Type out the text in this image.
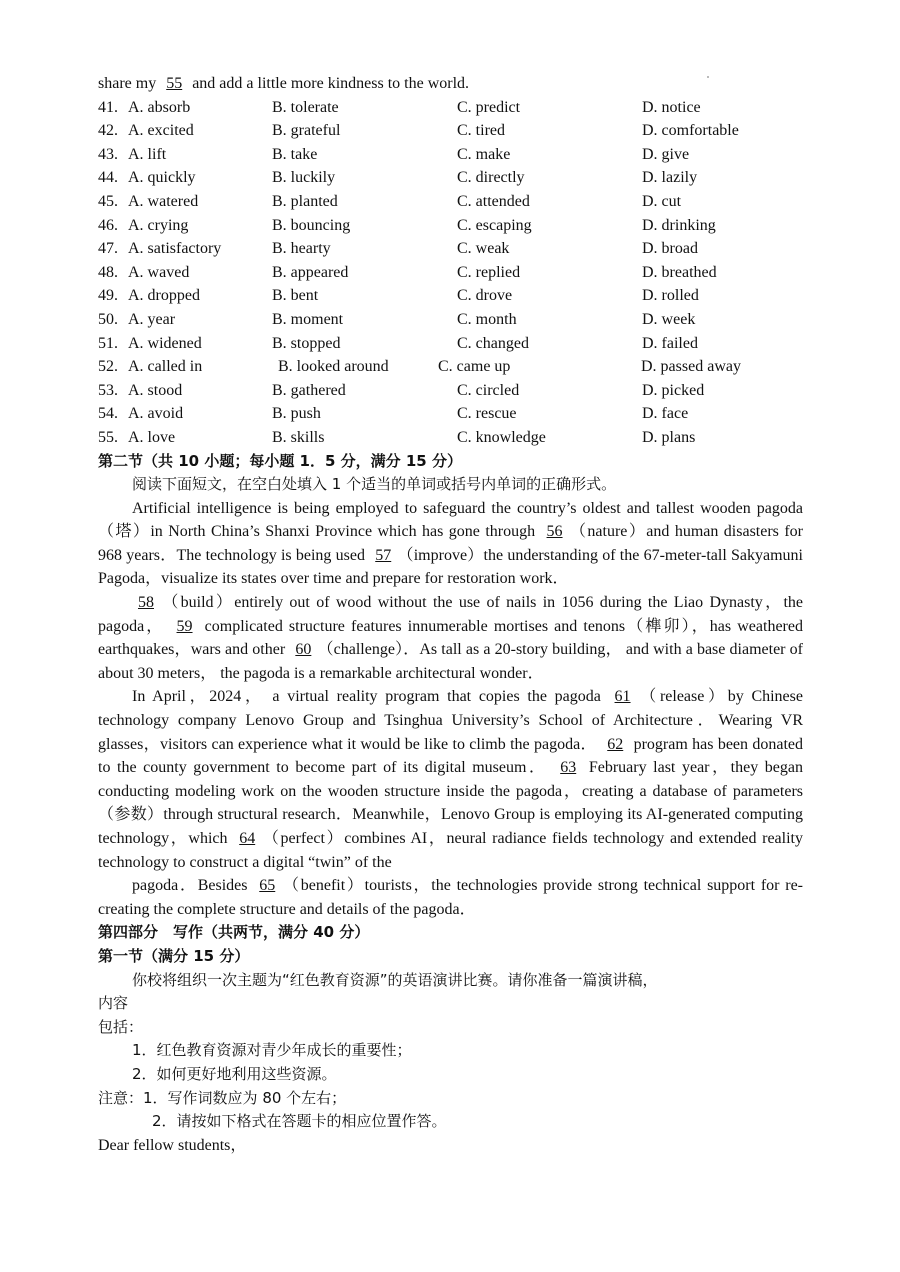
share my 55 and add a little more kindness to the world.
41. A. absorb	B. tolerate	C. predict	D. notice
42. A. excited	B. grateful	C. tired	D. comfortable
43. A. lift	B. take	C. make	D. give
44. A. quickly	B. luckily	C. directly	D. lazily
45. A. watered	B. planted	C. attended	D. cut
46. A. crying	B. bouncing	C. escaping	D. drinking
47. A. satisfactory	B. hearty	C. weak	D. broad
48. A. waved	B. appeared	C. replied	D. breathed
49. A. dropped	B. bent	C. drove	D. rolled
50. A. year	B. moment	C. month	D. week
51. A. widened	B. stopped	C. changed	D. failed
52. A. called in	B. looked around	C. came up	D. passed away
53. A. stood	B. gathered	C. circled	D. picked
54. A. avoid	B. push	C. rescue	D. face
55. A. love	B. skills	C. knowledge	D. plans
第二节（共 10 小题；每小题 1．5 分，满分 15 分）
阅读下面短文，在空白处填入 1 个适当的单词或括号内单词的正确形式。
Artificial intelligence is being employed to safeguard the country’s oldest and tallest wooden pagoda（塔）in North China’s Shanxi Province which has gone through 56 （nature）and human disasters for 968 years．The technology is being used 57 （improve）the understanding of the 67-meter-tall Sakyamuni Pagoda，visualize its states over time and prepare for restoration work．
58 （build）entirely out of wood without the use of nails in 1056 during the Liao Dynasty，the pagoda， 59 complicated structure features innumerable mortises and tenons（榫卯），has weathered earthquakes，wars and other 60 （challenge）．As tall as a 20-story building， and with a base diameter of about 30 meters， the pagoda is a remarkable architectural wonder．
In April，2024， a virtual reality program that copies the pagoda 61 （release）by Chinese technology company Lenovo Group and Tsinghua University’s School of Architecture．Wearing VR glasses，visitors can experience what it would be like to climb the pagoda． 62 program has been donated to the county government to become part of its digital museum． 63 February last year，they began conducting modeling work on the wooden structure inside the pagoda，creating a database of parameters（参数）through structural research．Meanwhile，Lenovo Group is employing its AI-generated computing technology，which 64 （perfect）combines AI，neural radiance fields technology and extended reality technology to construct a digital “twin” of the
pagoda．Besides 65 （benefit）tourists，the technologies provide strong technical support for re-creating the complete structure and details of the pagoda．
第四部分　写作（共两节，满分 40 分）
第一节（满分 15 分）
你校将组织一次主题为“红色教育资源”的英语演讲比赛。请你准备一篇演讲稿，
内容
包括：
1．红色教育资源对青少年成长的重要性；
2．如何更好地利用这些资源。
注意：1．写作词数应为 80 个左右；
2．请按如下格式在答题卡的相应位置作答。
Dear fellow students，
